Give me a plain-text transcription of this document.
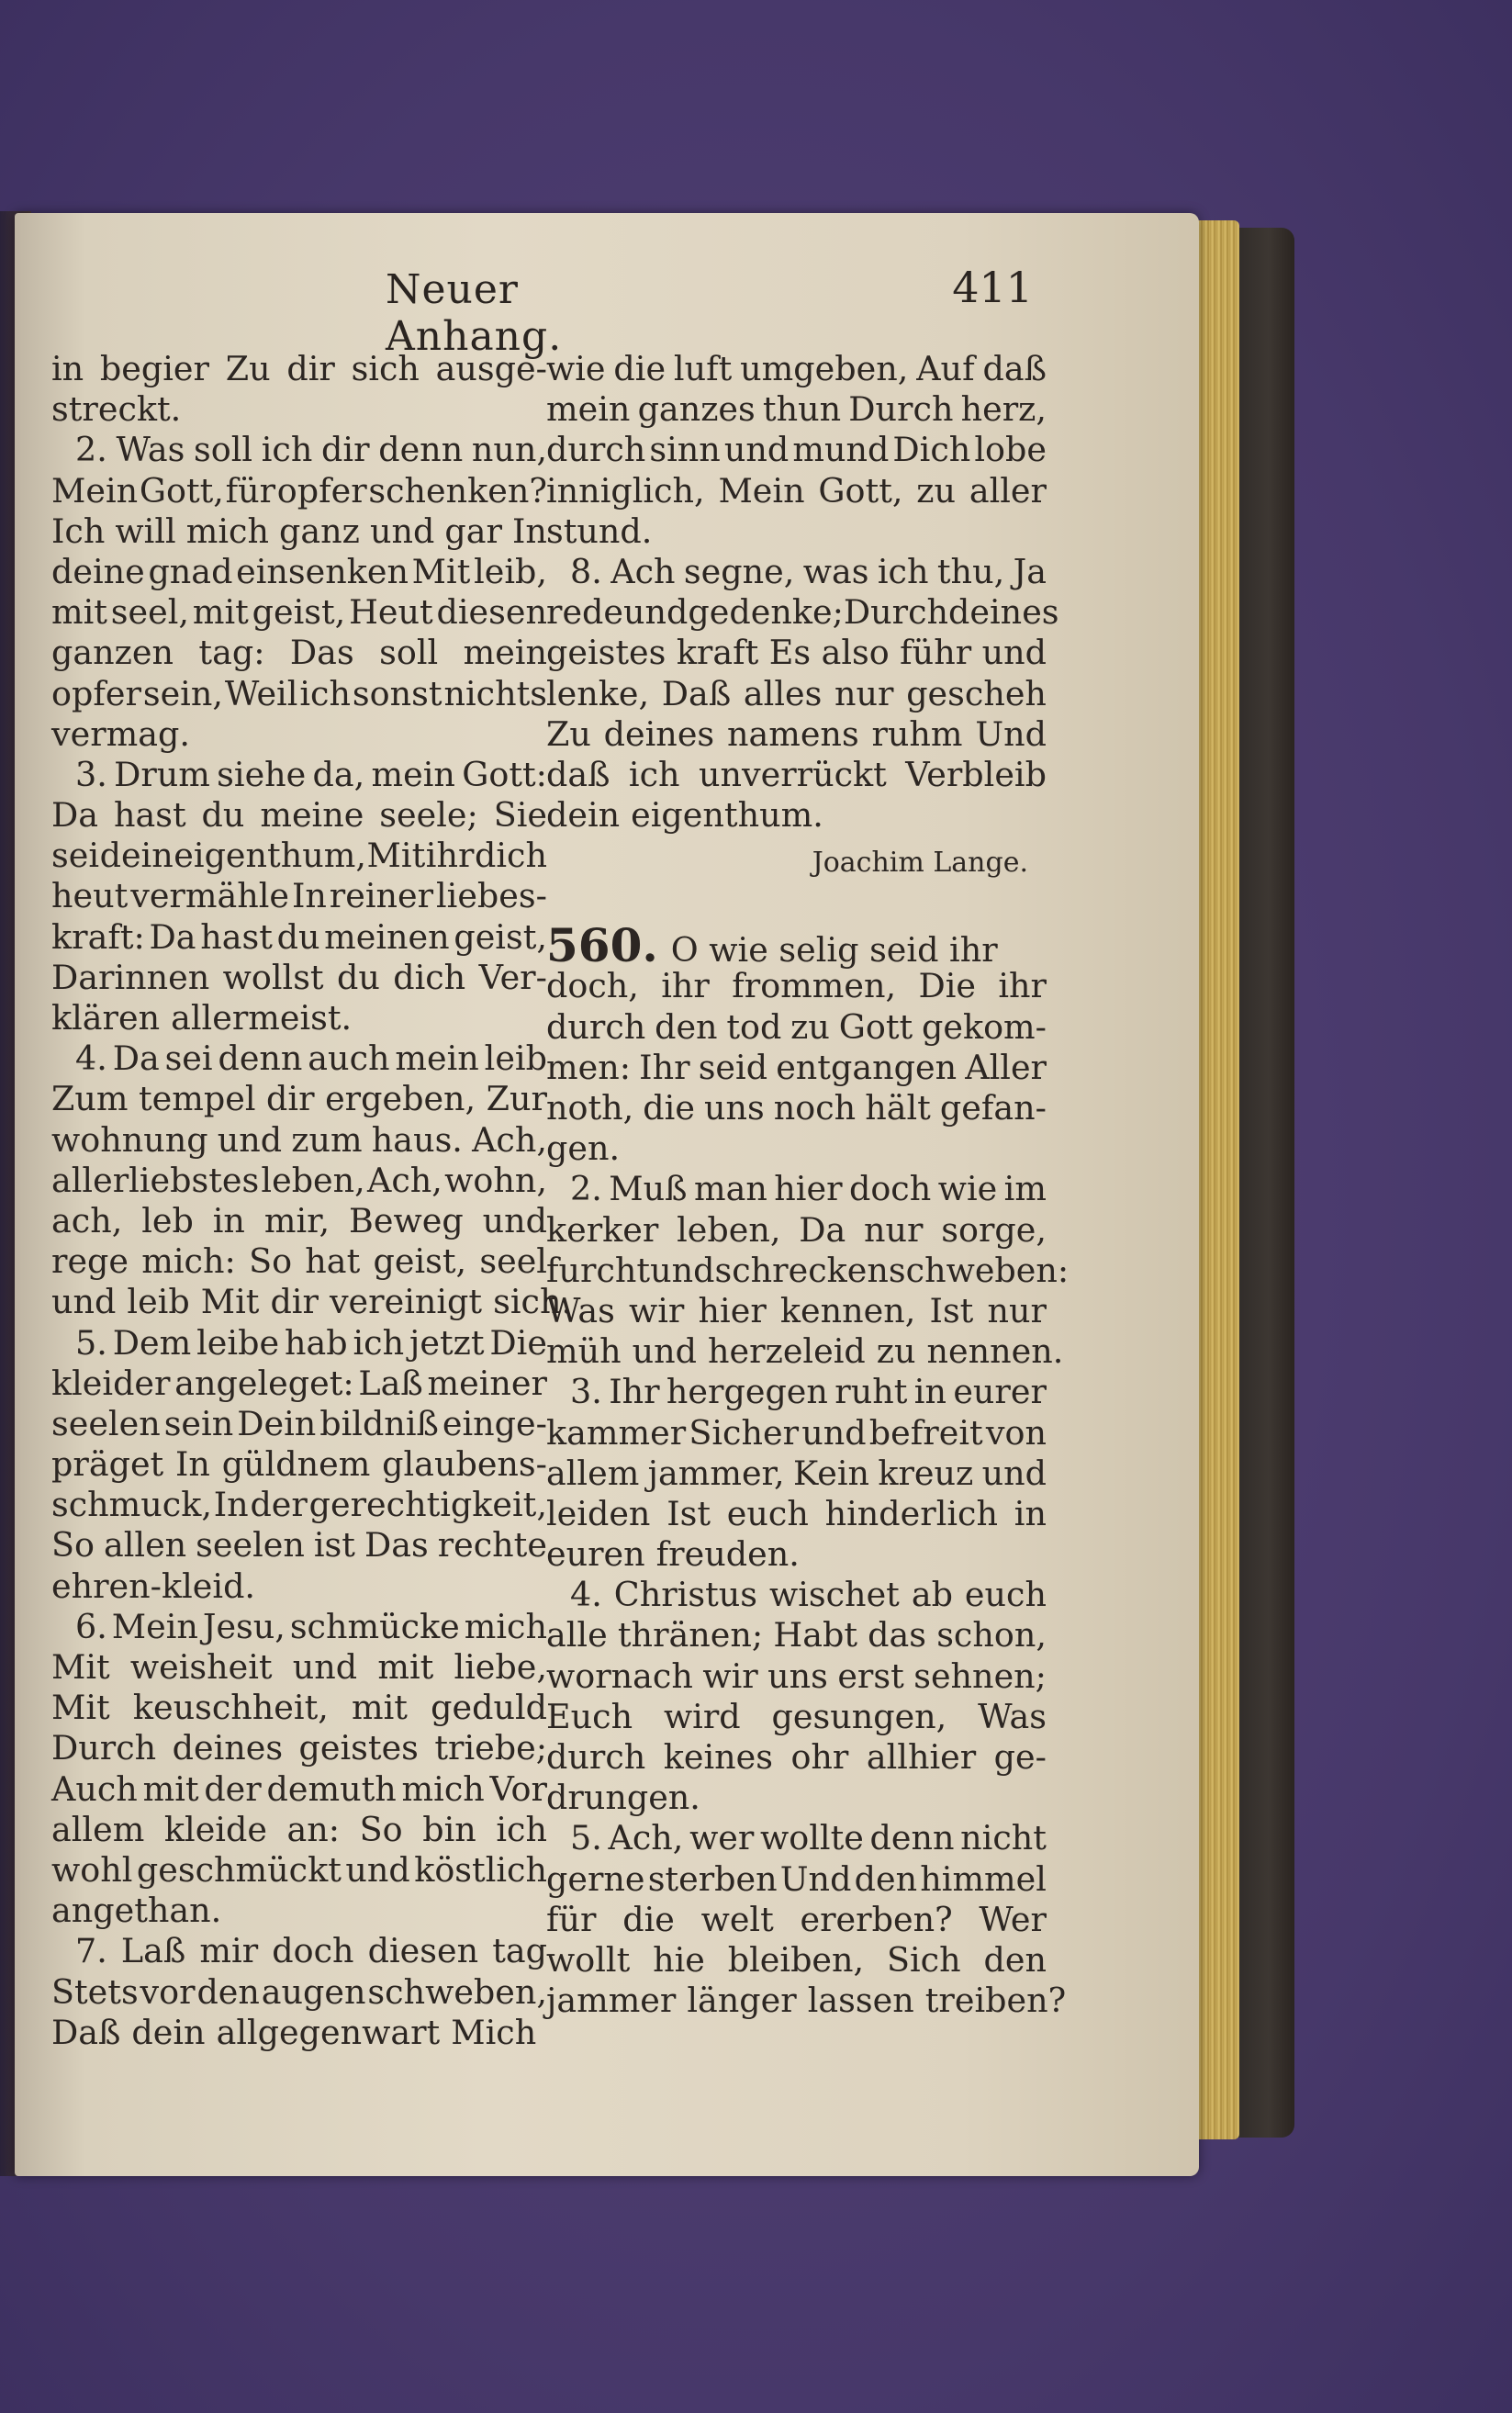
Neuer Anhang.
411
in begier Zu dir sich ausge-
streckt.
2. Was soll ich dir denn nun,
Mein Gott, für opfer schenken?
Ich will mich ganz und gar In
deine gnad einsenken Mit leib,
mit seel, mit geist, Heut diesen
ganzen tag: Das soll mein
opfer sein, Weil ich sonst nichts
vermag.
3. Drum siehe da, mein Gott:
Da hast du meine seele; Sie
sei dein eigenthum, Mit ihr dich
heut vermähle In reiner liebes-
kraft: Da hast du meinen geist,
Darinnen wollst du dich Ver-
klären allermeist.
4. Da sei denn auch mein leib
Zum tempel dir ergeben, Zur
wohnung und zum haus. Ach,
allerliebstes leben, Ach, wohn,
ach, leb in mir, Beweg und
rege mich: So hat geist, seel
und leib Mit dir vereinigt sich.
5. Dem leibe hab ich jetzt Die
kleider angeleget: Laß meiner
seelen sein Dein bildniß einge-
präget In güldnem glaubens-
schmuck, In der gerechtigkeit,
So allen seelen ist Das rechte
ehren-kleid.
6. Mein Jesu, schmücke mich
Mit weisheit und mit liebe,
Mit keuschheit, mit geduld
Durch deines geistes triebe;
Auch mit der demuth mich Vor
allem kleide an: So bin ich
wohl geschmückt und köstlich
angethan.
7. Laß mir doch diesen tag
Stets vor den augen schweben,
Daß dein allgegenwart Mich
wie die luft umgeben, Auf daß
mein ganzes thun Durch herz,
durch sinn und mund Dich lobe
inniglich, Mein Gott, zu aller
stund.
8. Ach segne, was ich thu, Ja
rede und gedenke; Durch deines
geistes kraft Es also führ und
lenke, Daß alles nur gescheh
Zu deines namens ruhm Und
daß ich unverrückt Verbleib
dein eigenthum.
Joachim Lange.
560. O wie selig seid ihr
doch, ihr frommen, Die ihr
durch den tod zu Gott gekom-
men: Ihr seid entgangen Aller
noth, die uns noch hält gefan-
gen.
2. Muß man hier doch wie im
kerker leben, Da nur sorge,
furcht und schrecken schweben:
Was wir hier kennen, Ist nur
müh und herzeleid zu nennen.
3. Ihr hergegen ruht in eurer
kammer Sicher und befreit von
allem jammer, Kein kreuz und
leiden Ist euch hinderlich in
euren freuden.
4. Christus wischet ab euch
alle thränen; Habt das schon,
wornach wir uns erst sehnen;
Euch wird gesungen, Was
durch keines ohr allhier ge-
drungen.
5. Ach, wer wollte denn nicht
gerne sterben Und den himmel
für die welt ererben? Wer
wollt hie bleiben, Sich den
jammer länger lassen treiben?
